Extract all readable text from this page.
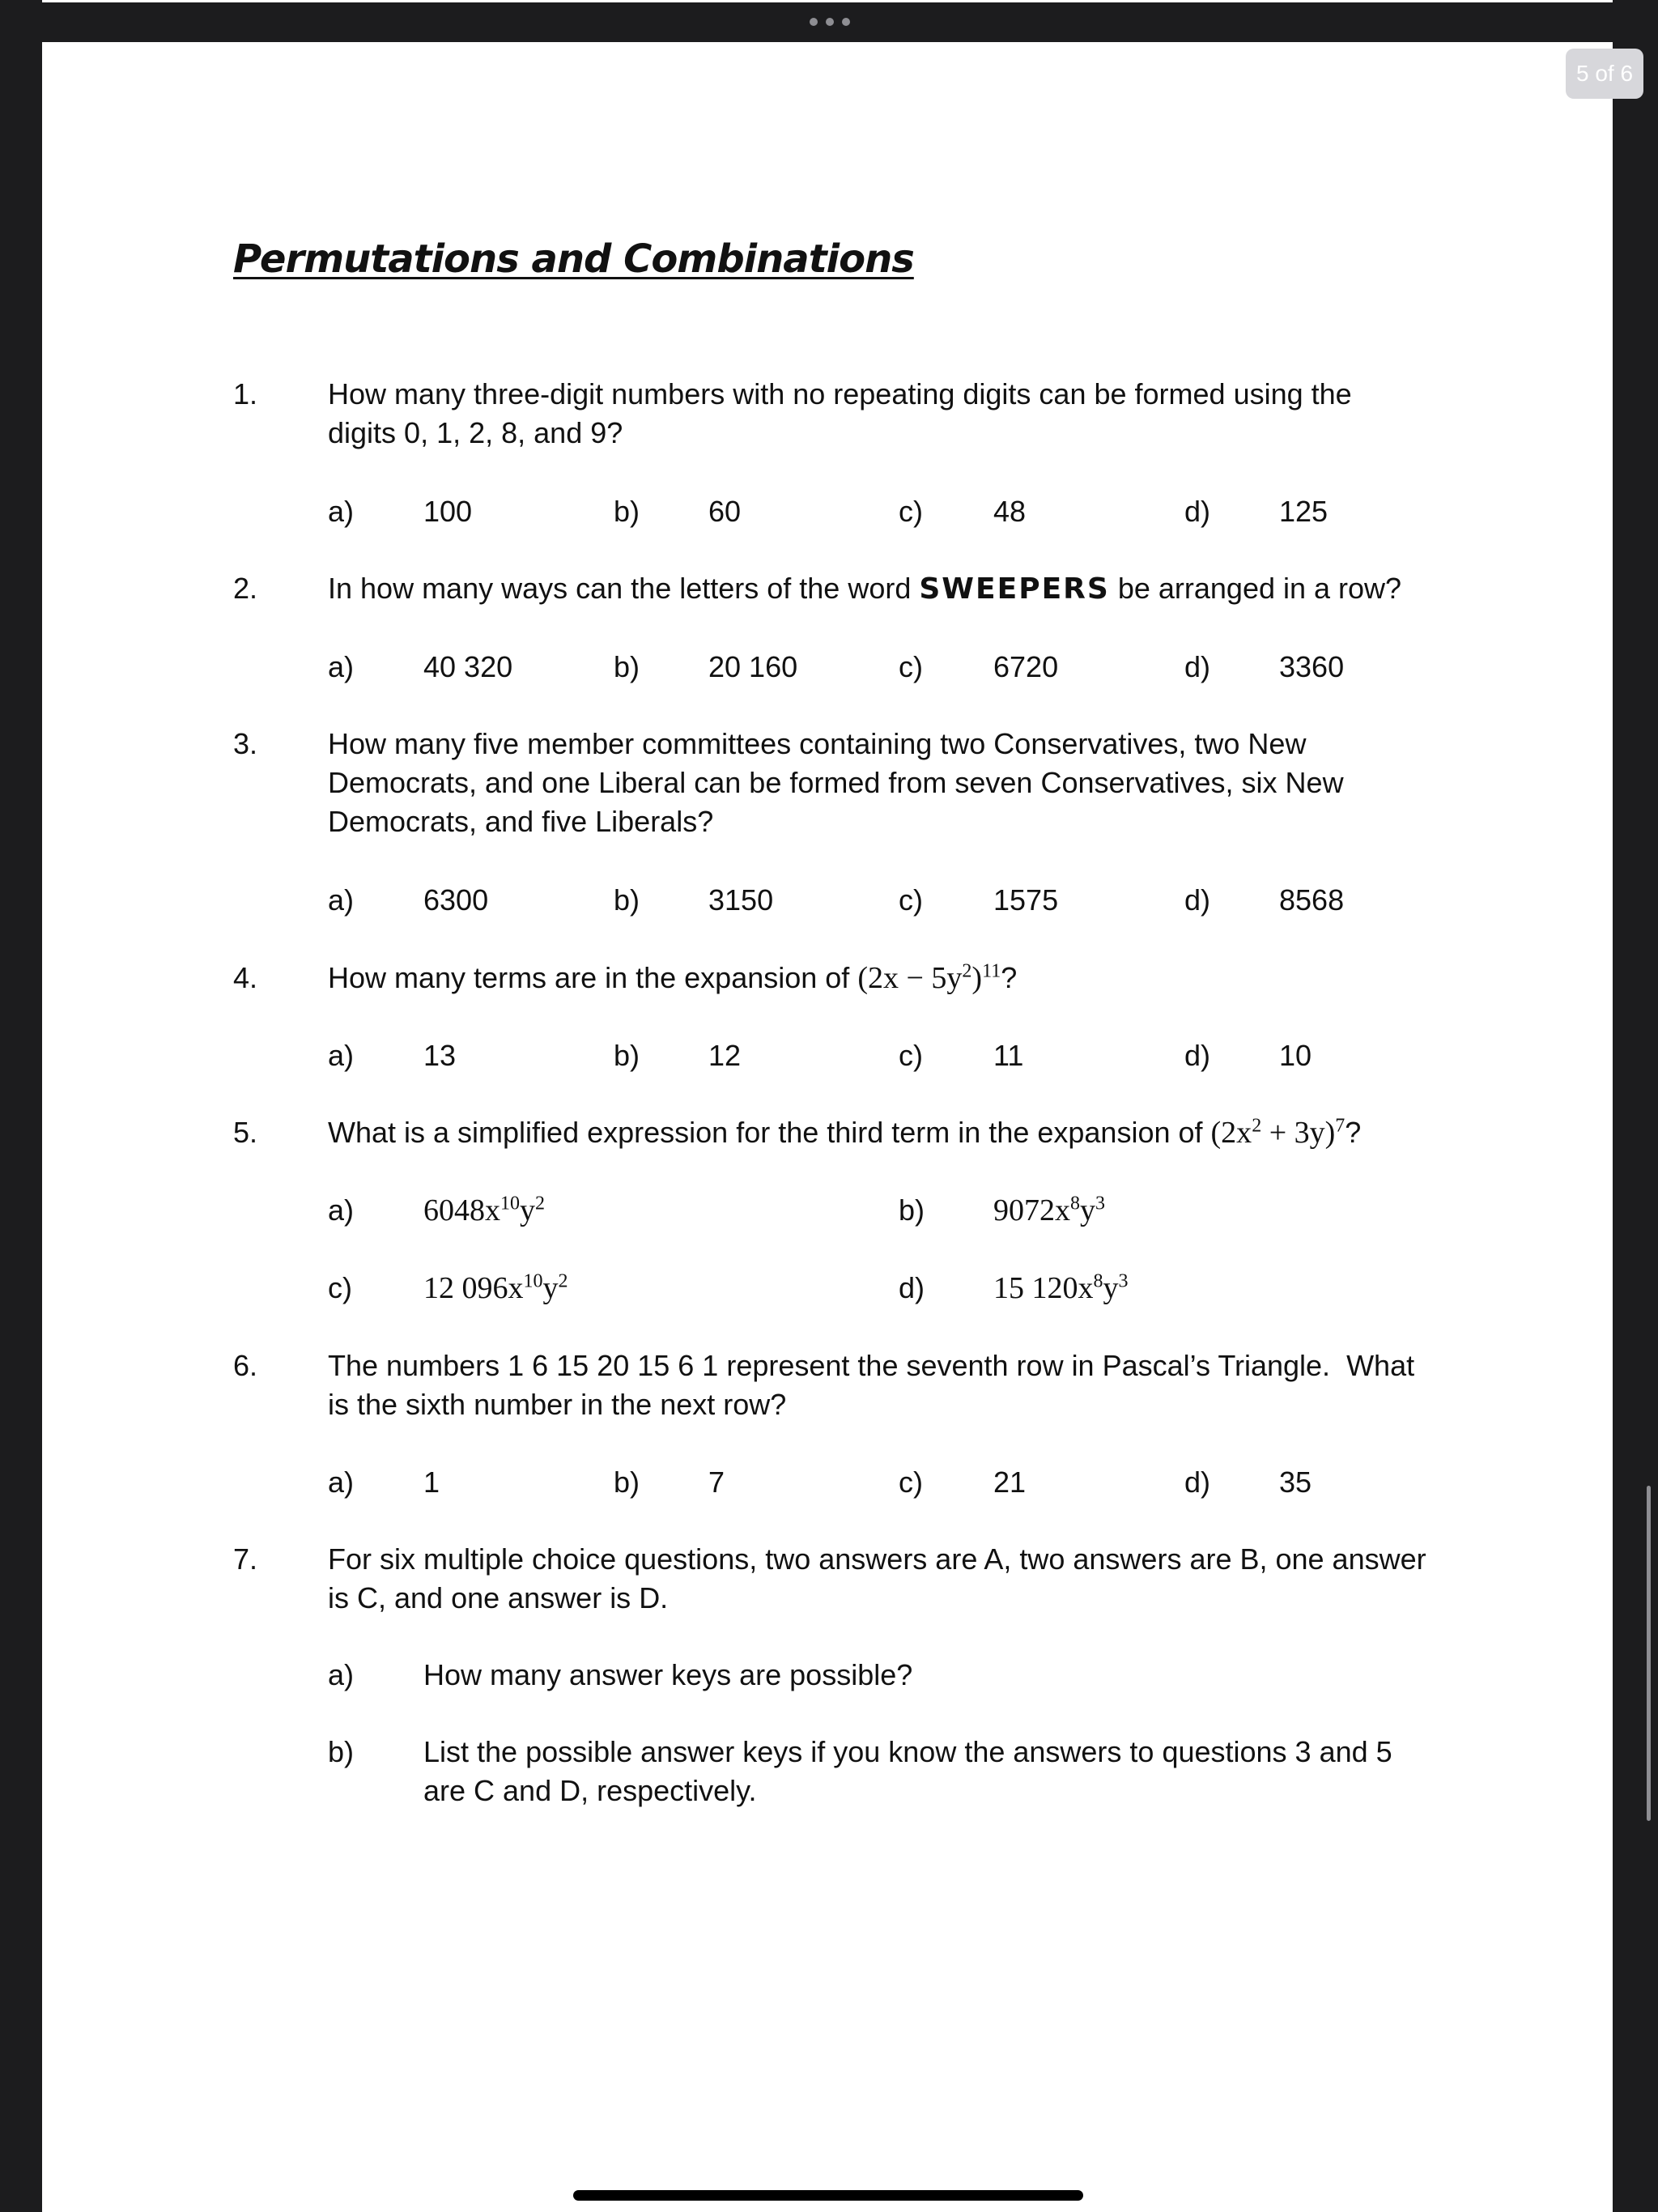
Permutations and Combinations
1. How many three-digit numbers with no repeating digits can be formed using the
digits 0, 1, 2, 8, and 9?
a) 100	b) 60	c) 48	d) 125
2. In how many ways can the letters of the word SWEEPERS be arranged in a row?
a) 40 320	b) 20 160	c) 6720	d) 3360
3. How many five member committees containing two Conservatives, two New
Democrats, and one Liberal can be formed from seven Conservatives, six New
Democrats, and five Liberals?
a) 6300	b) 3150	c) 1575	d) 8568
4. How many terms are in the expansion of $(2x - 5y^2)^{11}$?
a) 13	b) 12	c) 11	d) 10
5. What is a simplified expression for the third term in the expansion of $(2x^2 + 3y)^7$?
a) $6048x^{10}y^2$	b) $9072x^8y^3$
c) 12 $096x^{10}y^2$	d) 15 $120x^8y^3$
6. The numbers 1 6 15 20 15 6 1 represent the seventh row in Pascal’s Triangle.  What
is the sixth number in the next row?
a) 1	b) 7	c) 21	d) 35
7. For six multiple choice questions, two answers are A, two answers are B, one answer
is C, and one answer is D.
a) How many answer keys are possible?
b) List the possible answer keys if you know the answers to questions 3 and 5
are C and D, respectively.
5 of 6
